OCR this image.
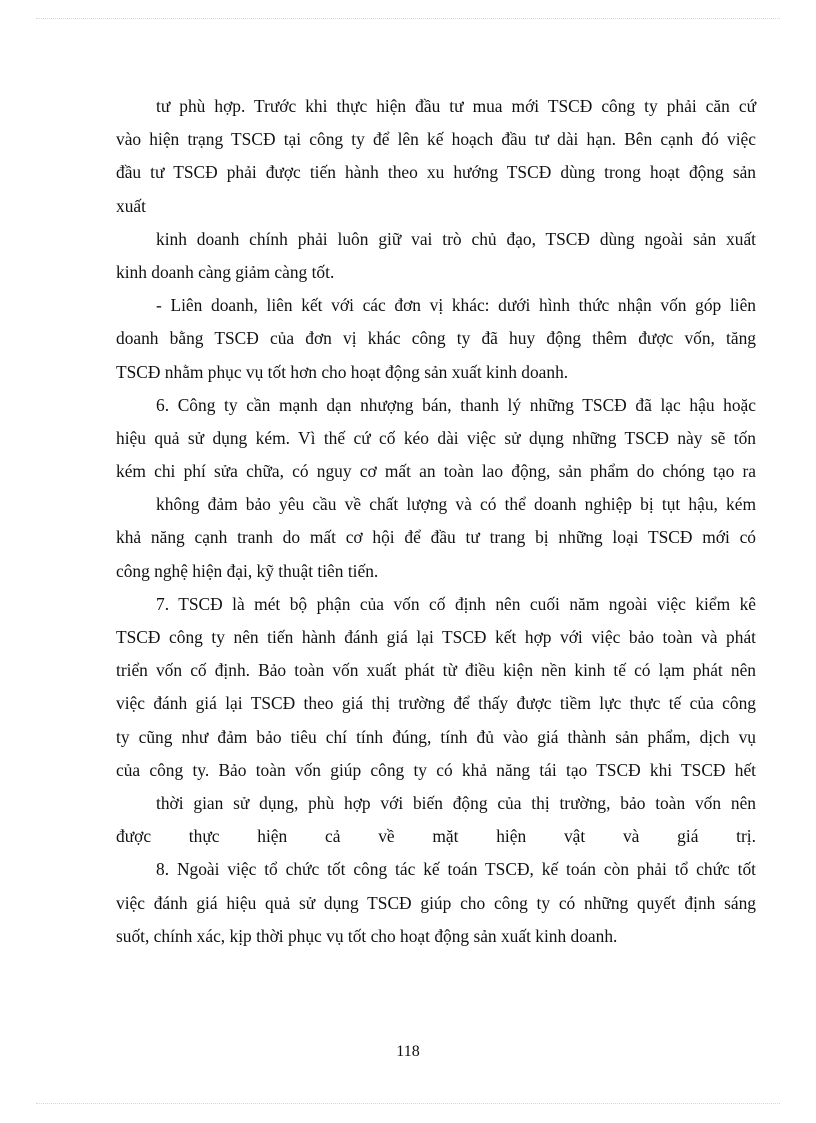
tư phù hợp. Trước khi thực hiện đầu tư mua mới TSCĐ công ty phải căn cứ
vào hiện trạng TSCĐ tại công ty để lên kế hoạch đầu tư dài hạn. Bên cạnh đó việc
đầu tư TSCĐ phải được tiến hành theo xu hướng TSCĐ dùng trong hoạt động sản
xuất
kinh doanh chính phải luôn giữ vai trò chủ đạo, TSCĐ dùng ngoài sản xuất
kinh doanh càng giảm càng tốt.
- Liên doanh, liên kết với các đơn vị khác: dưới hình thức nhận vốn góp liên
doanh bằng TSCĐ của đơn vị khác công ty đã huy động thêm được vốn, tăng
TSCĐ nhằm phục vụ tốt hơn cho hoạt động sản xuất kinh doanh.
6. Công ty cần mạnh dạn nhượng bán, thanh lý những TSCĐ đã lạc hậu hoặc
hiệu quả sử dụng kém. Vì thế cứ cố kéo dài việc sử dụng những TSCĐ này sẽ tốn
kém chi phí sửa chữa, có nguy cơ mất an toàn lao động, sản phẩm do chóng tạo ra
không đảm bảo yêu cầu về chất lượng và có thể doanh nghiệp bị tụt hậu, kém
khả năng cạnh tranh do mất cơ hội để đầu tư trang bị những loại TSCĐ mới có
công nghệ hiện đại, kỹ thuật tiên tiến.
7. TSCĐ là mét bộ phận của vốn cố định nên cuối năm ngoài việc kiểm kê
TSCĐ công ty nên tiến hành đánh giá lại TSCĐ kết hợp với việc bảo toàn và phát
triển vốn cố định. Bảo toàn vốn xuất phát từ điều kiện nền kinh tế có lạm phát nên
việc đánh giá lại TSCĐ theo giá thị trường để thấy được tiềm lực thực tế của công
ty cũng như đảm bảo tiêu chí tính đúng, tính đủ vào giá thành sản phẩm, dịch vụ
của công ty. Bảo toàn vốn giúp công ty có khả năng tái tạo TSCĐ khi TSCĐ hết
thời gian sử dụng, phù hợp với biến động của thị trường, bảo toàn vốn nên
được thực hiện cả về mặt hiện vật và giá trị.
8. Ngoài việc tổ chức tốt công tác kế toán TSCĐ, kế toán còn phải tổ chức tốt
việc đánh giá hiệu quả sử dụng TSCĐ giúp cho công ty có những quyết định sáng
suốt, chính xác, kịp thời phục vụ tốt cho hoạt động sản xuất kinh doanh.
118
